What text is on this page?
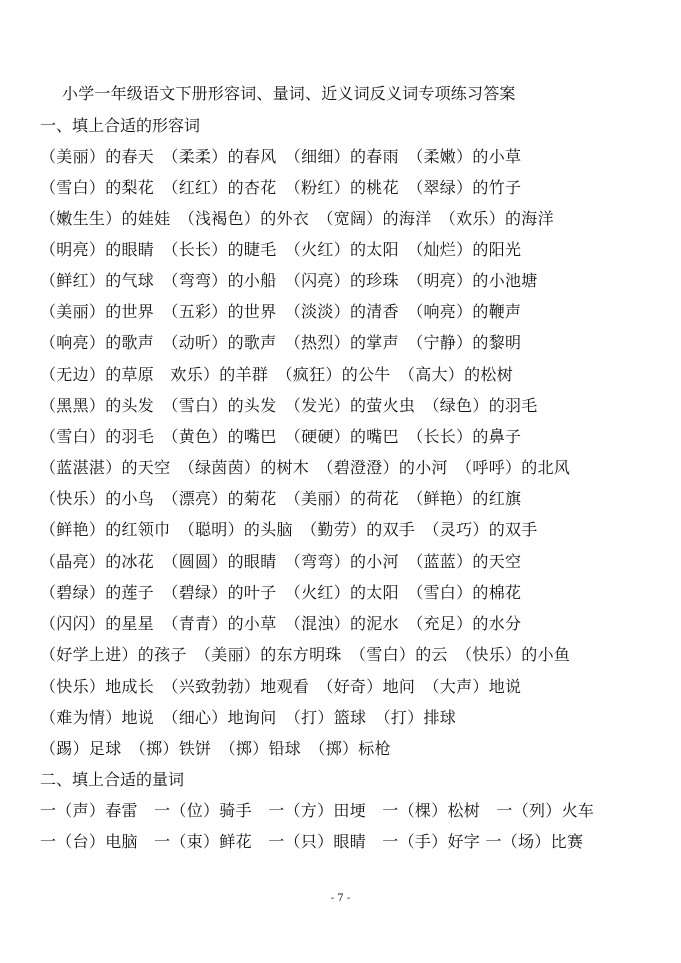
小学一年级语文下册形容词、量词、近义词反义词专项练习答案
一、填上合适的形容词
（美丽）的春天　（柔柔）的春风　（细细）的春雨　（柔嫩）的小草
（雪白）的梨花　（红红）的杏花　（粉红）的桃花　（翠绿）的竹子
（嫩生生）的娃娃　（浅褐色）的外衣　（宽阔）的海洋　（欢乐）的海洋
（明亮）的眼睛　（长长）的睫毛　（火红）的太阳　（灿烂）的阳光
（鲜红）的气球　（弯弯）的小船　（闪亮）的珍珠　（明亮）的小池塘
（美丽）的世界　（五彩）的世界　（淡淡）的清香　（响亮）的鞭声
（响亮）的歌声　（动听）的歌声　（热烈）的掌声　（宁静）的黎明
（无边）的草原　欢乐）的羊群　（疯狂）的公牛　（高大）的松树
（黑黑）的头发　（雪白）的头发　（发光）的萤火虫　（绿色）的羽毛
（雪白）的羽毛　（黄色）的嘴巴　（硬硬）的嘴巴　（长长）的鼻子
（蓝湛湛）的天空　（绿茵茵）的树木　（碧澄澄）的小河　（呼呼）的北风
（快乐）的小鸟　（漂亮）的菊花　（美丽）的荷花　（鲜艳）的红旗
（鲜艳）的红领巾　（聪明）的头脑　（勤劳）的双手　（灵巧）的双手
（晶亮）的冰花　（圆圆）的眼睛　（弯弯）的小河　（蓝蓝）的天空
（碧绿）的莲子　（碧绿）的叶子　（火红）的太阳　（雪白）的棉花
（闪闪）的星星　（青青）的小草　（混浊）的泥水　（充足）的水分
（好学上进）的孩子　（美丽）的东方明珠　（雪白）的云　（快乐）的小鱼
（快乐）地成长　（兴致勃勃）地观看　（好奇）地问　（大声）地说
（难为情）地说　（细心）地询问　（打）篮球　（打）排球
（踢）足球　（掷）铁饼　（掷）铅球　（掷）标枪
二、填上合适的量词
一（声）春雷　一（位）骑手　一（方）田埂　一（棵）松树　一（列）火车
一（台）电脑　一（束）鲜花　一（只）眼睛　一（手）好字 一（场）比赛
- 7 -
